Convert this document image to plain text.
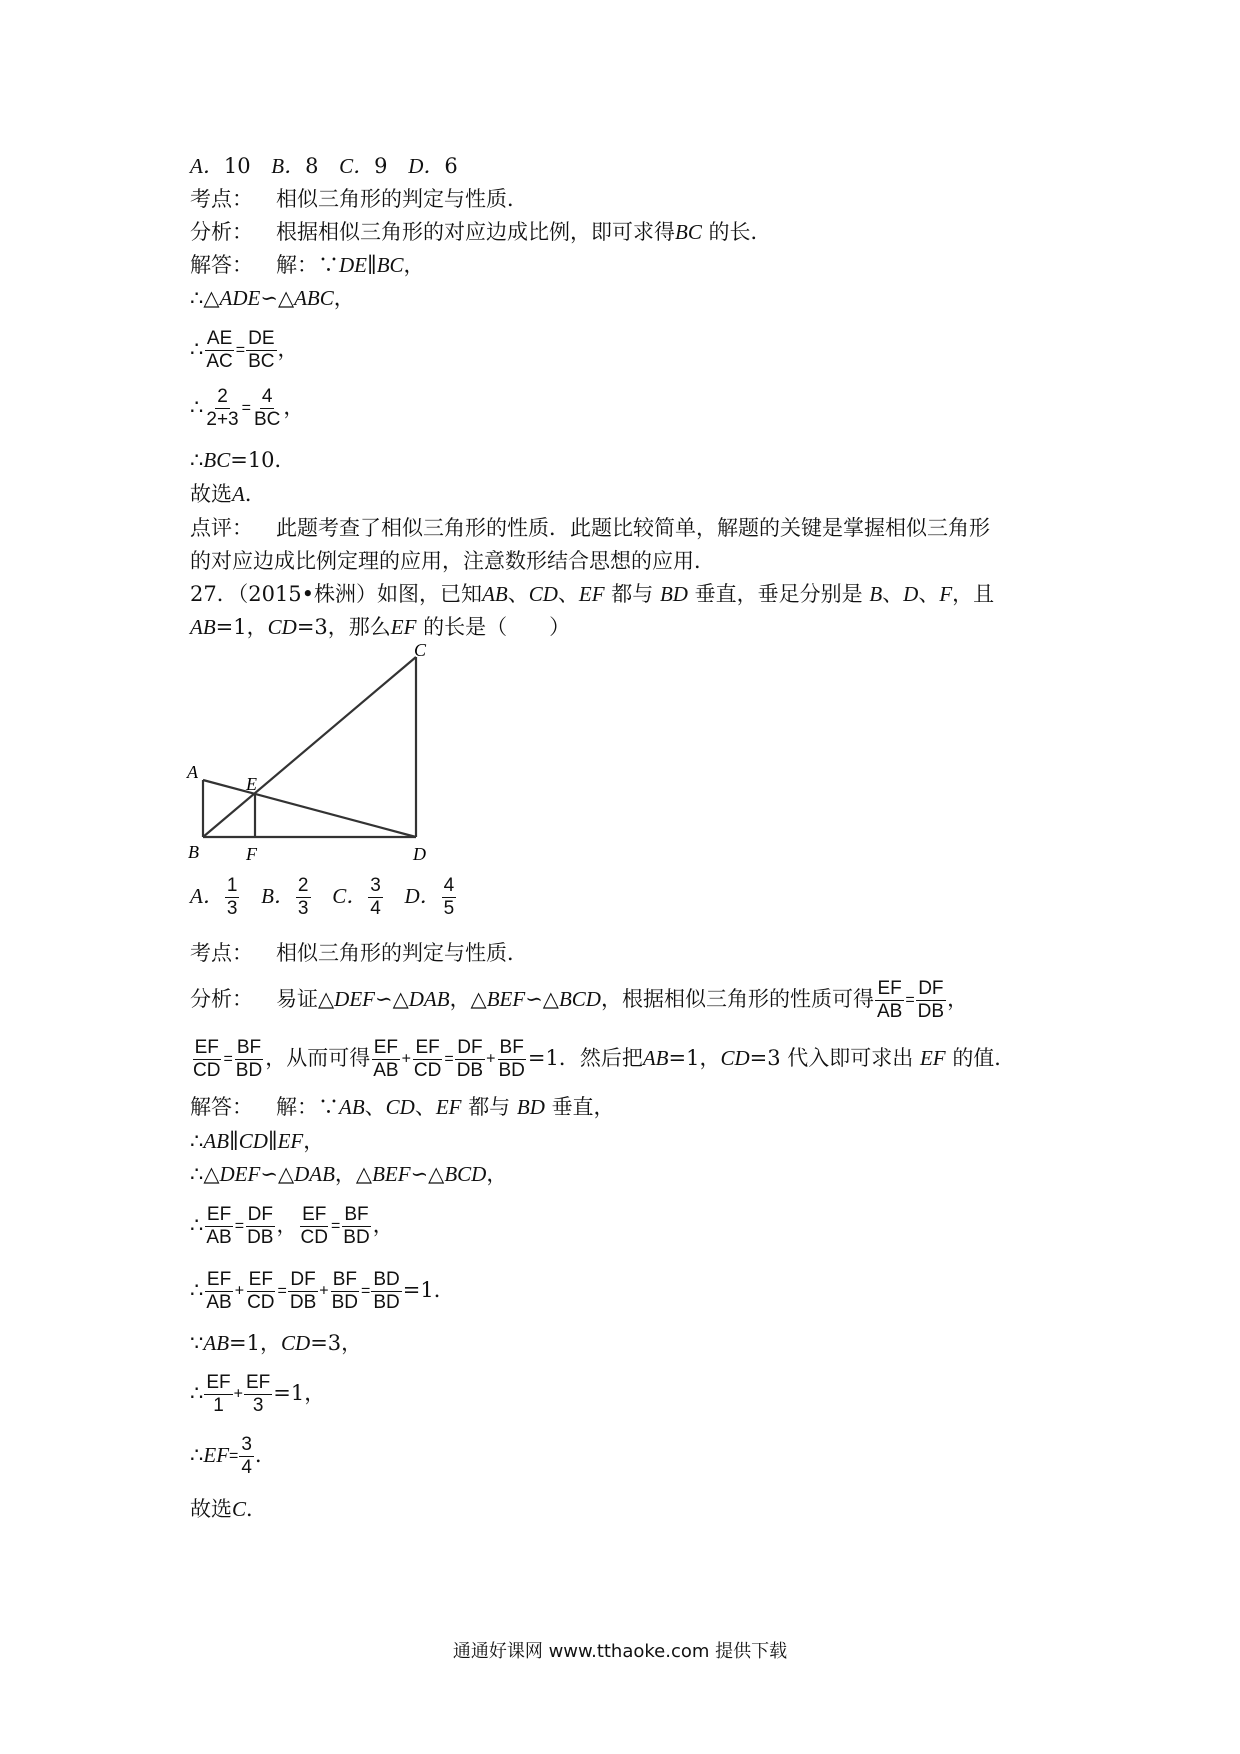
A．10 B．8 C．9 D．6
考点： 相似三角形的判定与性质．
分析： 根据相似三角形的对应边成比例，即可求得BC 的长．
解答： 解：∵DE∥BC，
∴△ADE∽△ABC，
∴ $\frac{AE}{AC} = \frac{DE}{BC}$ ，
∴ $\frac{2}{2+3} = \frac{4}{BC}$ ，
∴BC=10．
故选A．
点评： 此题考查了相似三角形的性质．此题比较简单，解题的关键是掌握相似三角形
的对应边成比例定理的应用，注意数形结合思想的应用．
27．（2015•株洲）如图，已知AB、CD、EF 都与 BD 垂直，垂足分别是 B、D、F，且
AB=1，CD=3，那么EF 的长是（　　）
A
B
C
D
E
F
A． $\frac{1}{3}$ B． $\frac{2}{3}$ C． $\frac{3}{4}$ D． $\frac{4}{5}$
考点： 相似三角形的判定与性质．
分析： 易证△DEF∽△DAB，△BEF∽△BCD，根据相似三角形的性质可得 $\frac{EF}{AB} = \frac{DF}{DB}$ ，
$\frac{EF}{CD} = \frac{BF}{BD}$ ，从而可得 $\frac{EF}{AB} + \frac{EF}{CD} = \frac{DF}{DB} + \frac{BF}{BD} =1$．然后把AB=1，CD=3 代入即可求出 EF 的值．
解答： 解：∵AB、CD、EF 都与 BD 垂直，
∴AB∥CD∥EF，
∴△DEF∽△DAB，△BEF∽△BCD，
∴ $\frac{EF}{AB} = \frac{DF}{DB}$ ， $\frac{EF}{CD} = \frac{BF}{BD}$ ，
∴ $\frac{EF}{AB} + \frac{EF}{CD} = \frac{DF}{DB} + \frac{BF}{BD} = \frac{BD}{BD} =1$．
∵AB=1，CD=3，
∴ $\frac{EF}{1} + \frac{EF}{3} =1$，
∴EF= $\frac{3}{4}$ ．
故选C．
通通好课网 www.tthaoke.com 提供下载
